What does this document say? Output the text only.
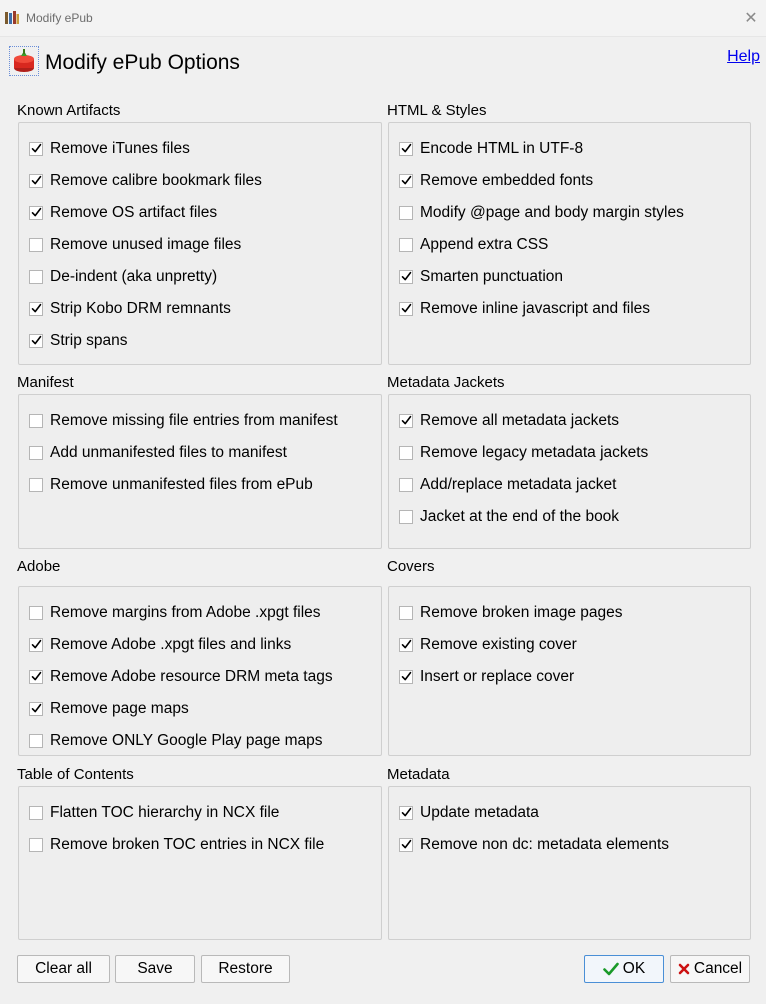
Modify ePub	✕
Modify ePub Options	Help
Known Artifacts
Remove iTunes files
Remove calibre bookmark files
Remove OS artifact files
Remove unused image files
De-indent (aka unpretty)
Strip Kobo DRM remnants
Strip spans
HTML & Styles
Encode HTML in UTF-8
Remove embedded fonts
Modify @page and body margin styles
Append extra CSS
Smarten punctuation
Remove inline javascript and files
Manifest
Remove missing file entries from manifest
Add unmanifested files to manifest
Remove unmanifested files from ePub
Metadata Jackets
Remove all metadata jackets
Remove legacy metadata jackets
Add/replace metadata jacket
Jacket at the end of the book
Adobe
Remove margins from Adobe .xpgt files
Remove Adobe .xpgt files and links
Remove Adobe resource DRM meta tags
Remove page maps
Remove ONLY Google Play page maps
Covers
Remove broken image pages
Remove existing cover
Insert or replace cover
Table of Contents
Flatten TOC hierarchy in NCX file
Remove broken TOC entries in NCX file
Metadata
Update metadata
Remove non dc: metadata elements
Clear all	Save	Restore	OK	Cancel
